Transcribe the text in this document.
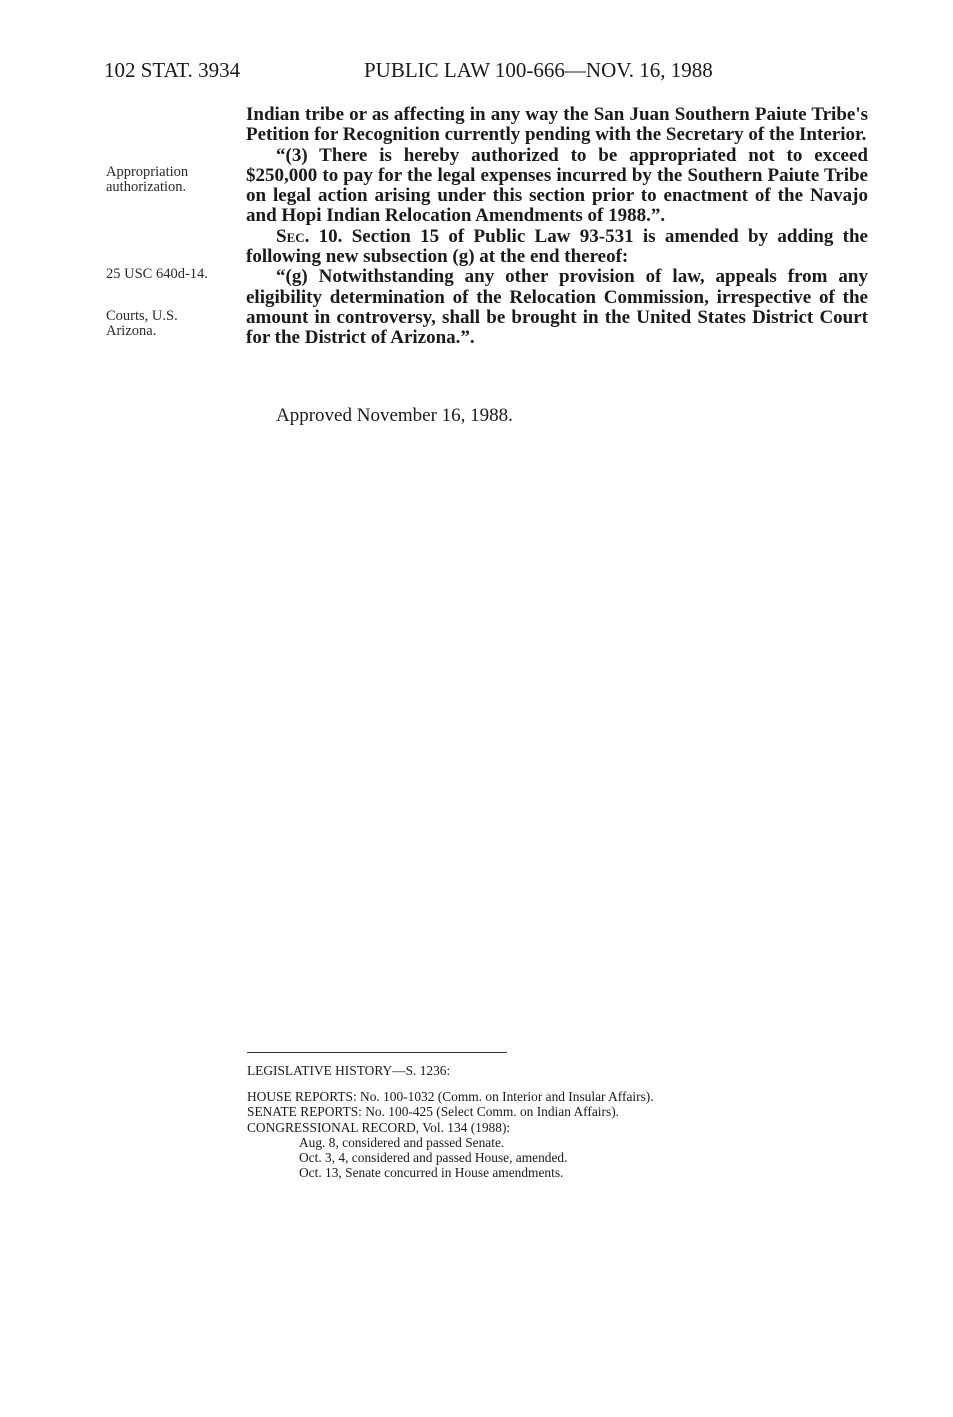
102 STAT. 3934	PUBLIC LAW 100-666—NOV. 16, 1988
Appropriation
authorization.
25 USC 640d-14.
Courts, U.S.
Arizona.

Indian tribe or as affecting in any way the San Juan Southern Paiute Tribe's Petition for Recognition currently pending with the Secretary of the Interior.

“(3) There is hereby authorized to be appropriated not to exceed $250,000 to pay for the legal expenses incurred by the Southern Paiute Tribe on legal action arising under this section prior to enactment of the Navajo and Hopi Indian Relocation Amendments of 1988.”.

Sec. 10. Section 15 of Public Law 93-531 is amended by adding the following new subsection (g) at the end thereof:

“(g) Notwithstanding any other provision of law, appeals from any eligibility determination of the Relocation Commission, irrespective of the amount in controversy, shall be brought in the United States District Court for the District of Arizona.”.

Approved November 16, 1988.
LEGISLATIVE HISTORY—S. 1236:
HOUSE REPORTS: No. 100-1032 (Comm. on Interior and Insular Affairs).
SENATE REPORTS: No. 100-425 (Select Comm. on Indian Affairs).
CONGRESSIONAL RECORD, Vol. 134 (1988):
Aug. 8, considered and passed Senate.
Oct. 3, 4, considered and passed House, amended.
Oct. 13, Senate concurred in House amendments.
